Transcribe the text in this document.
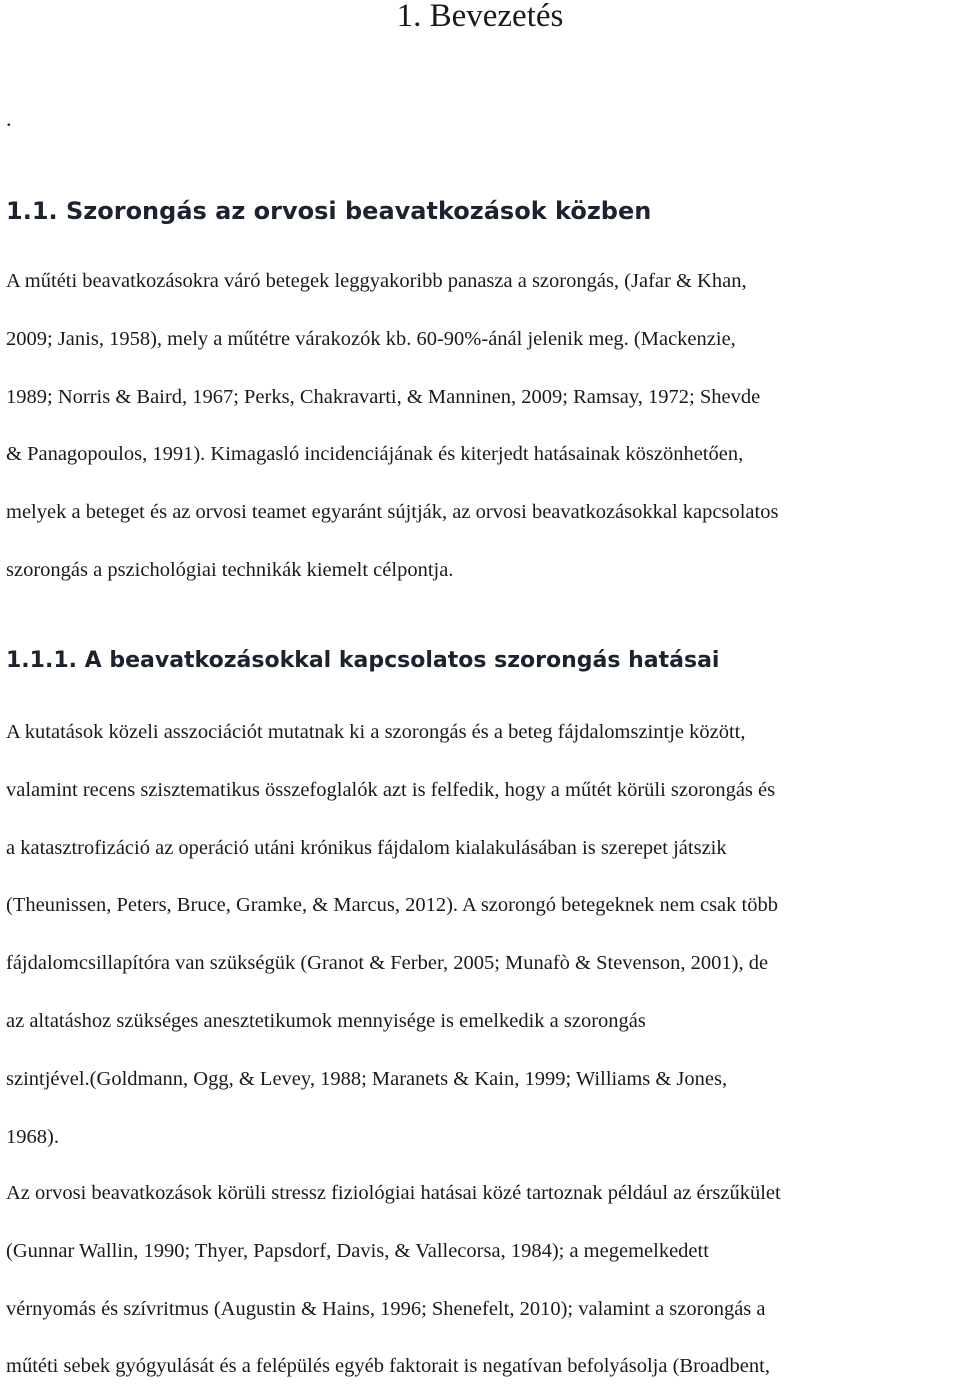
1. Bevezetés
.
1.1. Szorongás az orvosi beavatkozások közben

A műtéti beavatkozásokra váró betegek leggyakoribb panasza a szorongás, (Jafar & Khan,
2009; Janis, 1958), mely a műtétre várakozók kb. 60-90%-ánál jelenik meg. (Mackenzie,
1989; Norris & Baird, 1967; Perks, Chakravarti, & Manninen, 2009; Ramsay, 1972; Shevde
& Panagopoulos, 1991). Kimagasló incidenciájának és kiterjedt hatásainak köszönhetően,
melyek a beteget és az orvosi teamet egyaránt sújtják, az orvosi beavatkozásokkal kapcsolatos
szorongás a pszichológiai technikák kiemelt célpontja.

1.1.1. A beavatkozásokkal kapcsolatos szorongás hatásai

A kutatások közeli asszociációt mutatnak ki a szorongás és a beteg fájdalomszintje között,
valamint recens szisztematikus összefoglalók azt is felfedik, hogy a műtét körüli szorongás és
a katasztrofizáció az operáció utáni krónikus fájdalom kialakulásában is szerepet játszik
(Theunissen, Peters, Bruce, Gramke, & Marcus, 2012). A szorongó betegeknek nem csak több
fájdalomcsillapítóra van szükségük (Granot & Ferber, 2005; Munafò & Stevenson, 2001), de
az altatáshoz szükséges anesztetikumok mennyisége is emelkedik a szorongás
szintjével.(Goldmann, Ogg, & Levey, 1988; Maranets & Kain, 1999; Williams & Jones,
1968).

Az orvosi beavatkozások körüli stressz fiziológiai hatásai közé tartoznak például az érszűkület
(Gunnar Wallin, 1990; Thyer, Papsdorf, Davis, & Vallecorsa, 1984); a megemelkedett
vérnyomás és szívritmus (Augustin & Hains, 1996; Shenefelt, 2010); valamint a szorongás a
műtéti sebek gyógyulását és a felépülés egyéb faktorait is negatívan befolyásolja (Broadbent,
